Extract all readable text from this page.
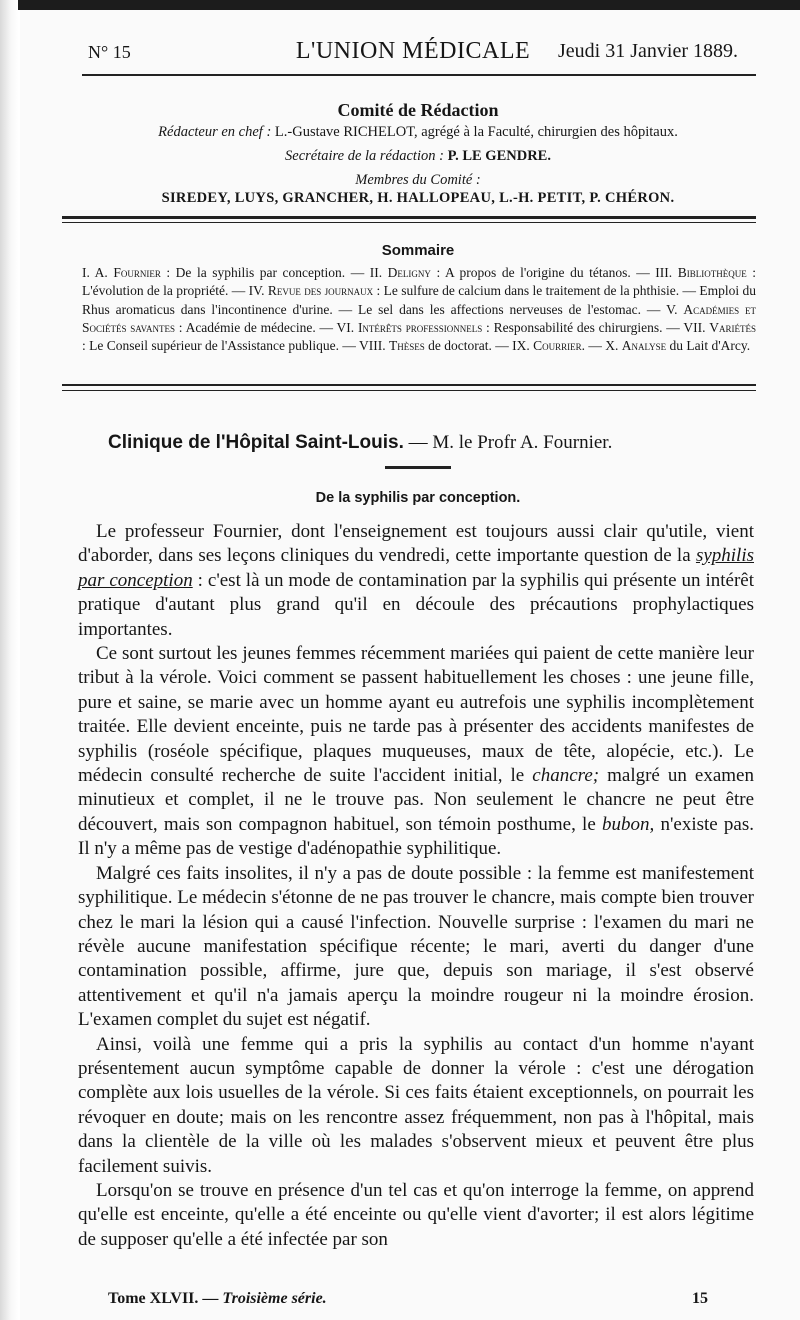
N° 15	L'UNION MÉDICALE	Jeudi 31 Janvier 1889.
Comité de Rédaction
Rédacteur en chef : L.-Gustave RICHELOT, agrégé à la Faculté, chirurgien des hôpitaux.
Secrétaire de la rédaction : P. LE GENDRE.
Membres du Comité :
SIREDEY, LUYS, GRANCHER, H. HALLOPEAU, L.-H. PETIT, P. CHÉRON.
Sommaire
I. A. Fournier : De la syphilis par conception. — II. Deligny : A propos de l'origine du tétanos. — III. Bibliothèque : L'évolution de la propriété. — IV. Revue des journaux : Le sulfure de calcium dans le traitement de la phthisie. — Emploi du Rhus aromaticus dans l'incontinence d'urine. — Le sel dans les affections nerveuses de l'estomac. — V. Académies et Sociétés savantes : Académie de médecine. — VI. Intérêts professionnels : Responsabilité des chirurgiens. — VII. Variétés : Le Conseil supérieur de l'Assistance publique. — VIII. Thèses de doctorat. — IX. Courrier. — X. Analyse du Lait d'Arcy.
Clinique de l'Hôpital Saint-Louis. — M. le Profr A. Fournier.
De la syphilis par conception.

Le professeur Fournier, dont l'enseignement est toujours aussi clair qu'utile, vient d'aborder, dans ses leçons cliniques du vendredi, cette importante question de la syphilis par conception : c'est là un mode de contamination par la syphilis qui présente un intérêt pratique d'autant plus grand qu'il en découle des précautions prophylactiques importantes.

Ce sont surtout les jeunes femmes récemment mariées qui paient de cette manière leur tribut à la vérole. Voici comment se passent habituellement les choses : une jeune fille, pure et saine, se marie avec un homme ayant eu autrefois une syphilis incomplètement traitée. Elle devient enceinte, puis ne tarde pas à présenter des accidents manifestes de syphilis (roséole spécifique, plaques muqueuses, maux de tête, alopécie, etc.). Le médecin consulté recherche de suite l'accident initial, le chancre; malgré un examen minutieux et complet, il ne le trouve pas. Non seulement le chancre ne peut être découvert, mais son compagnon habituel, son témoin posthume, le bubon, n'existe pas. Il n'y a même pas de vestige d'adénopathie syphilitique.

Malgré ces faits insolites, il n'y a pas de doute possible : la femme est manifestement syphilitique. Le médecin s'étonne de ne pas trouver le chancre, mais compte bien trouver chez le mari la lésion qui a causé l'infection. Nouvelle surprise : l'examen du mari ne révèle aucune manifestation spécifique récente; le mari, averti du danger d'une contamination possible, affirme, jure que, depuis son mariage, il s'est observé attentivement et qu'il n'a jamais aperçu la moindre rougeur ni la moindre érosion. L'examen complet du sujet est négatif.

Ainsi, voilà une femme qui a pris la syphilis au contact d'un homme n'ayant présentement aucun symptôme capable de donner la vérole : c'est une dérogation complète aux lois usuelles de la vérole. Si ces faits étaient exceptionnels, on pourrait les révoquer en doute; mais on les rencontre assez fréquemment, non pas à l'hôpital, mais dans la clientèle de la ville où les malades s'observent mieux et peuvent être plus facilement suivis.

Lorsqu'on se trouve en présence d'un tel cas et qu'on interroge la femme, on apprend qu'elle est enceinte, qu'elle a été enceinte ou qu'elle vient d'avorter; il est alors légitime de supposer qu'elle a été infectée par son

Tome XLVII. — Troisième série.	15
